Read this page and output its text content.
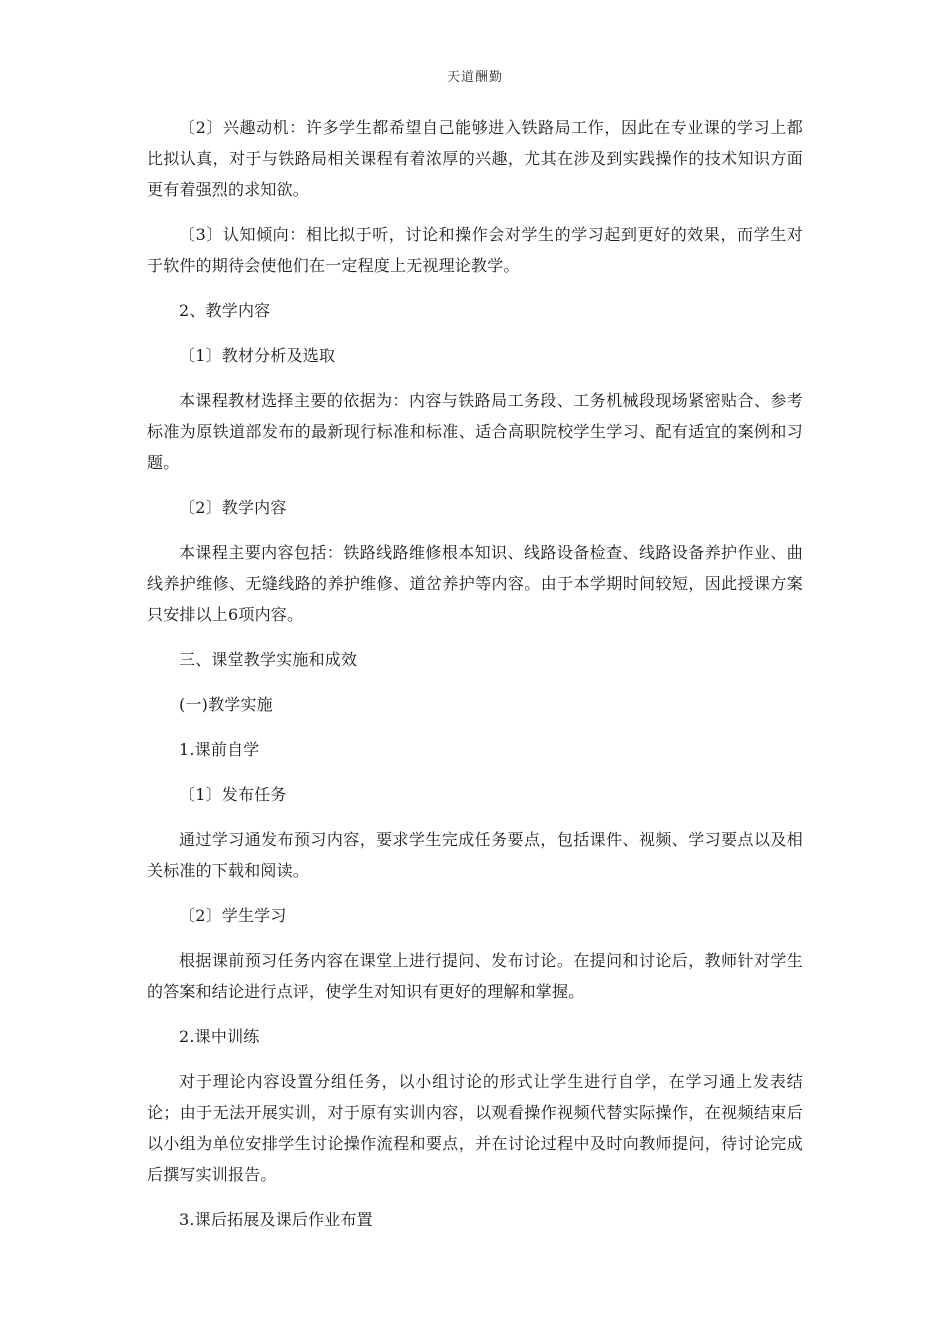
天道酬勤

〔2〕兴趣动机：许多学生都希望自己能够进入铁路局工作，因此在专业课的学习上都比拟认真，对于与铁路局相关课程有着浓厚的兴趣，尤其在涉及到实践操作的技术知识方面更有着强烈的求知欲。

〔3〕认知倾向：相比拟于听，讨论和操作会对学生的学习起到更好的效果，而学生对于软件的期待会使他们在一定程度上无视理论教学。

2、教学内容

〔1〕教材分析及选取

本课程教材选择主要的依据为：内容与铁路局工务段、工务机械段现场紧密贴合、参考标准为原铁道部发布的最新现行标准和标准、适合高职院校学生学习、配有适宜的案例和习题。

〔2〕教学内容

本课程主要内容包括：铁路线路维修根本知识、线路设备检查、线路设备养护作业、曲线养护维修、无缝线路的养护维修、道岔养护等内容。由于本学期时间较短，因此授课方案只安排以上6项内容。

三、课堂教学实施和成效

(一)教学实施

1.课前自学

〔1〕发布任务

通过学习通发布预习内容，要求学生完成任务要点，包括课件、视频、学习要点以及相关标准的下载和阅读。

〔2〕学生学习

根据课前预习任务内容在课堂上进行提问、发布讨论。在提问和讨论后，教师针对学生的答案和结论进行点评，使学生对知识有更好的理解和掌握。

2.课中训练

对于理论内容设置分组任务，以小组讨论的形式让学生进行自学，在学习通上发表结论；由于无法开展实训，对于原有实训内容，以观看操作视频代替实际操作，在视频结束后以小组为单位安排学生讨论操作流程和要点，并在讨论过程中及时向教师提问，待讨论完成后撰写实训报告。

3.课后拓展及课后作业布置
